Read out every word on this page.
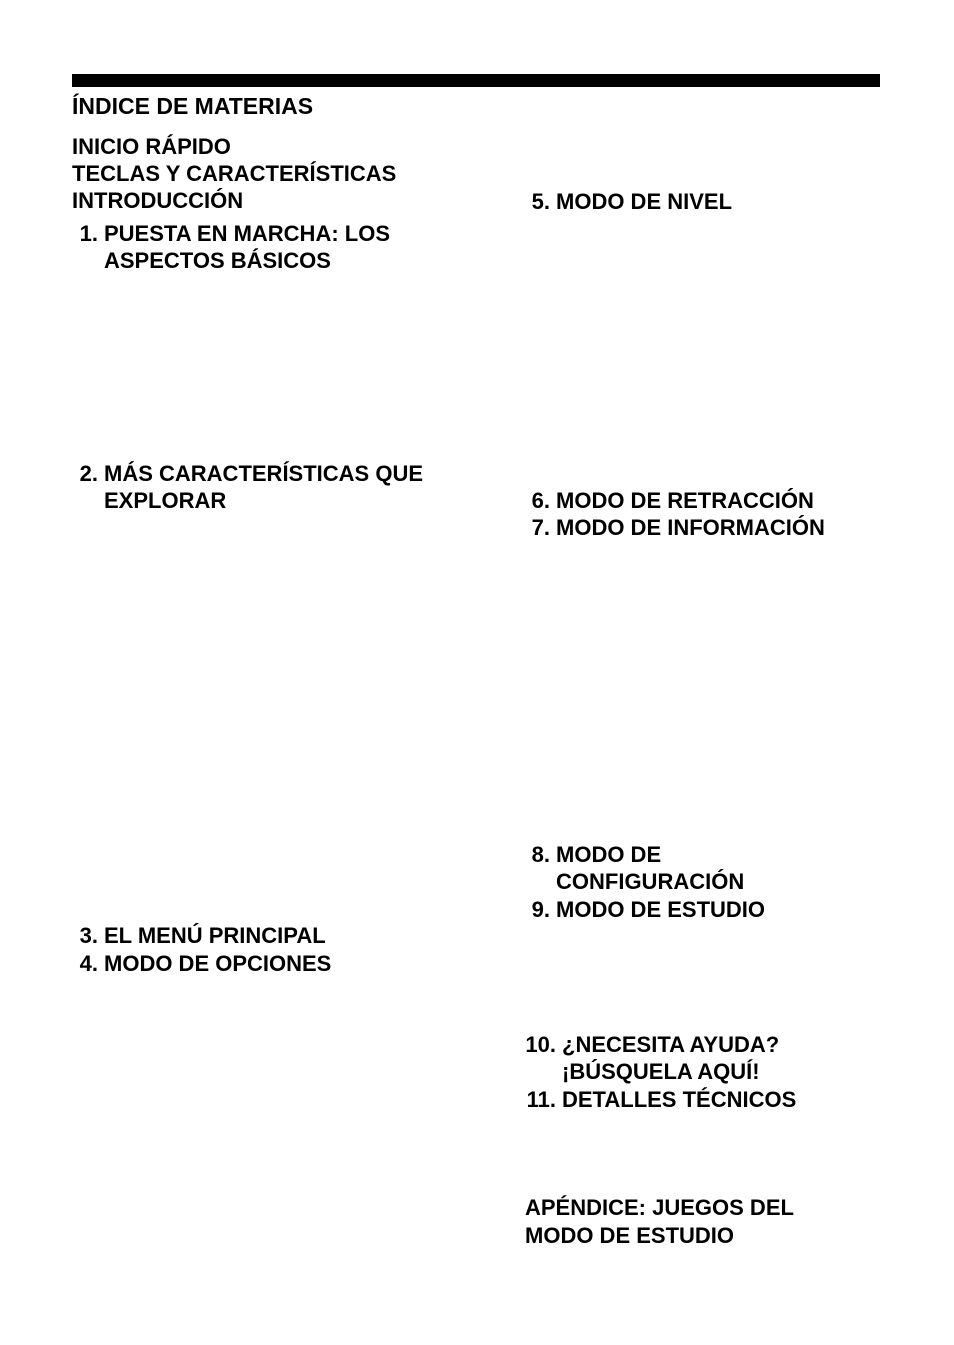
ÍNDICE DE MATERIAS
INICIO RÁPIDO
TECLAS Y CARACTERÍSTICAS
INTRODUCCIÓN
1. PUESTA EN MARCHA: LOS
ASPECTOS BÁSICOS
2. MÁS CARACTERÍSTICAS QUE
EXPLORAR
3. EL MENÚ PRINCIPAL
4. MODO DE OPCIONES
5. MODO DE NIVEL
6. MODO DE RETRACCIÓN
7. MODO DE INFORMACIÓN
8. MODO DE
CONFIGURACIÓN
9. MODO DE ESTUDIO
10. ¿NECESITA AYUDA?
¡BÚSQUELA AQUÍ!
11. DETALLES TÉCNICOS
APÉNDICE: JUEGOS DEL
MODO DE ESTUDIO
